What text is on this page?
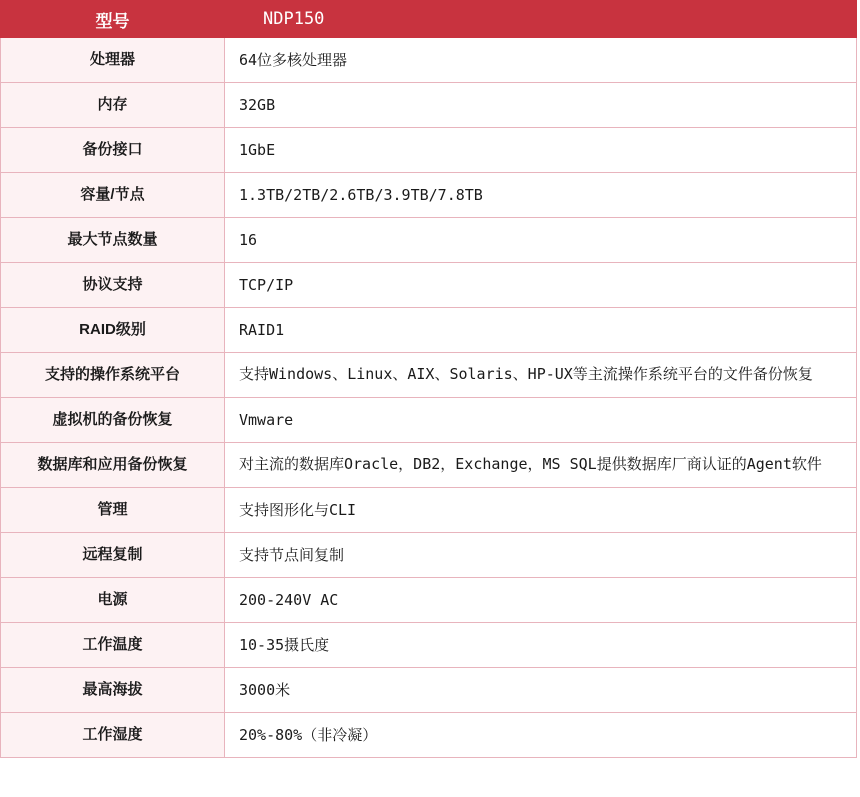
型号	NDP150
处理器	64位多核处理器
内存	32GB
备份接口	1GbE
容量/节点	1.3TB/2TB/2.6TB/3.9TB/7.8TB
最大节点数量	16
协议支持	TCP/IP
RAID级别	RAID1
支持的操作系统平台	支持Windows、Linux、AIX、Solaris、HP-UX等主流操作系统平台的文件备份恢复
虚拟机的备份恢复	Vmware
数据库和应用备份恢复	对主流的数据库Oracle，DB2，Exchange，MS SQL提供数据库厂商认证的Agent软件
管理	支持图形化与CLI
远程复制	支持节点间复制
电源	200-240V AC
工作温度	10-35摄氏度
最高海拔	3000米
工作湿度	20%-80%（非冷凝）
